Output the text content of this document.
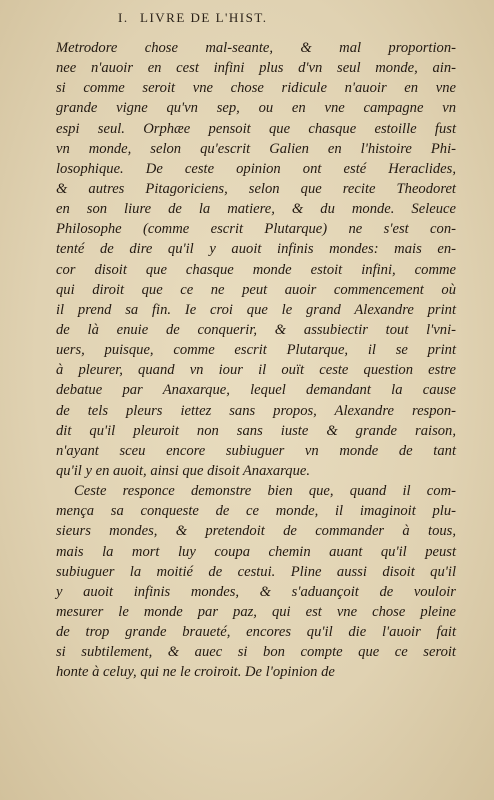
I. LIVRE DE L'HIST.
Metrodore chose mal-seante, & mal proportion-
nee n'auoir en cest infini plus d'vn seul monde, ain-
si comme seroit vne chose ridicule n'auoir en vne
grande vigne qu'vn sep, ou en vne campagne vn
espi seul. Orphæe pensoit que chasque estoille fust
vn monde, selon qu'escrit Galien en l'histoire Phi-
losophique. De ceste opinion ont esté Heraclides,
& autres Pitagoriciens, selon que recite Theodoret
en son liure de la matiere, & du monde. Seleuce
Philosophe (comme escrit Plutarque) ne s'est con-
tenté de dire qu'il y auoit infinis mondes: mais en-
cor disoit que chasque monde estoit infini, comme
qui diroit que ce ne peut auoir commencement où
il prend sa fin. Ie croi que le grand Alexandre print
de là enuie de conquerir, & assubiectir tout l'vni-
uers, puisque, comme escrit Plutarque, il se print
à pleurer, quand vn iour il ouït ceste question estre
debatue par Anaxarque, lequel demandant la cause
de tels pleurs iettez sans propos, Alexandre respon-
dit qu'il pleuroit non sans iuste & grande raison,
n'ayant sceu encore subiuguer vn monde de tant
qu'il y en auoit, ainsi que disoit Anaxarque.
Ceste responce demonstre bien que, quand il com-
mença sa conqueste de ce monde, il imaginoit plu-
sieurs mondes, & pretendoit de commander à tous,
mais la mort luy coupa chemin auant qu'il peust
subiuguer la moitié de cestui. Pline aussi disoit qu'il
y auoit infinis mondes, & s'aduançoit de vouloir
mesurer le monde par paz, qui est vne chose pleine
de trop grande braueté, encores qu'il die l'auoir fait
si subtilement, & auec si bon compte que ce seroit
honte à celuy, qui ne le croiroit. De l'opinion de
